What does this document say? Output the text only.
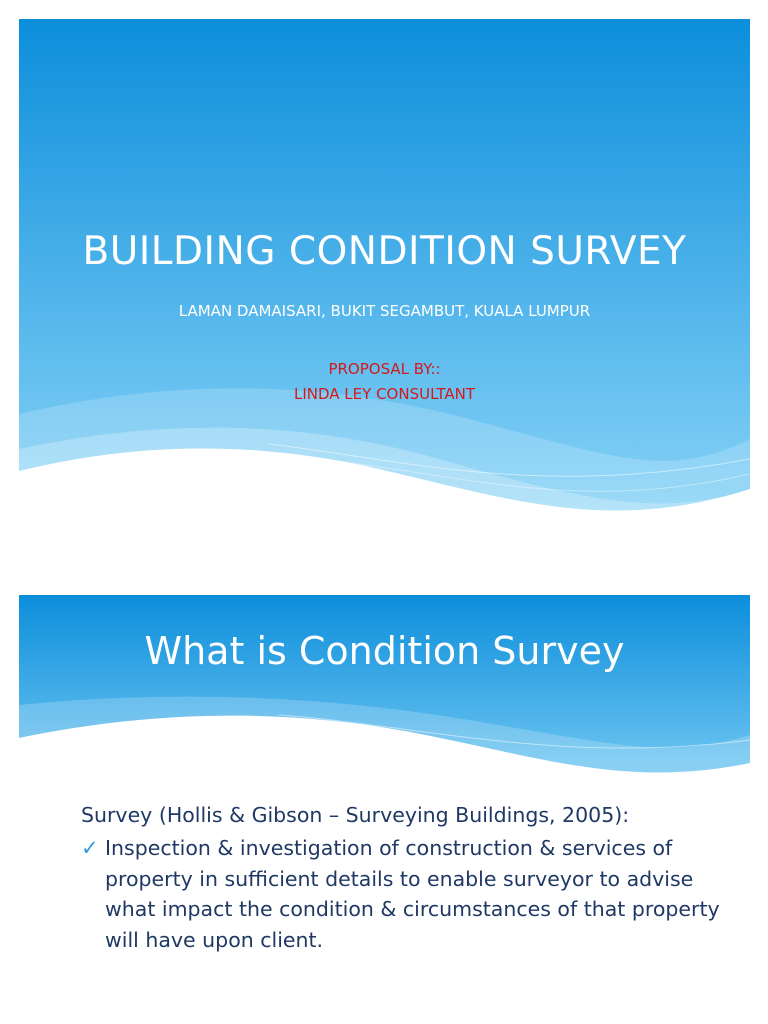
BUILDING CONDITION SURVEY
LAMAN DAMAISARI, BUKIT SEGAMBUT, KUALA LUMPUR
PROPOSAL BY::
LINDA LEY CONSULTANT
What is Condition Survey
Survey (Hollis & Gibson – Surveying Buildings, 2005):
✓ Inspection & investigation of construction & services of property in sufficient details to enable surveyor to advise what impact the condition & circumstances of that property will have upon client.
